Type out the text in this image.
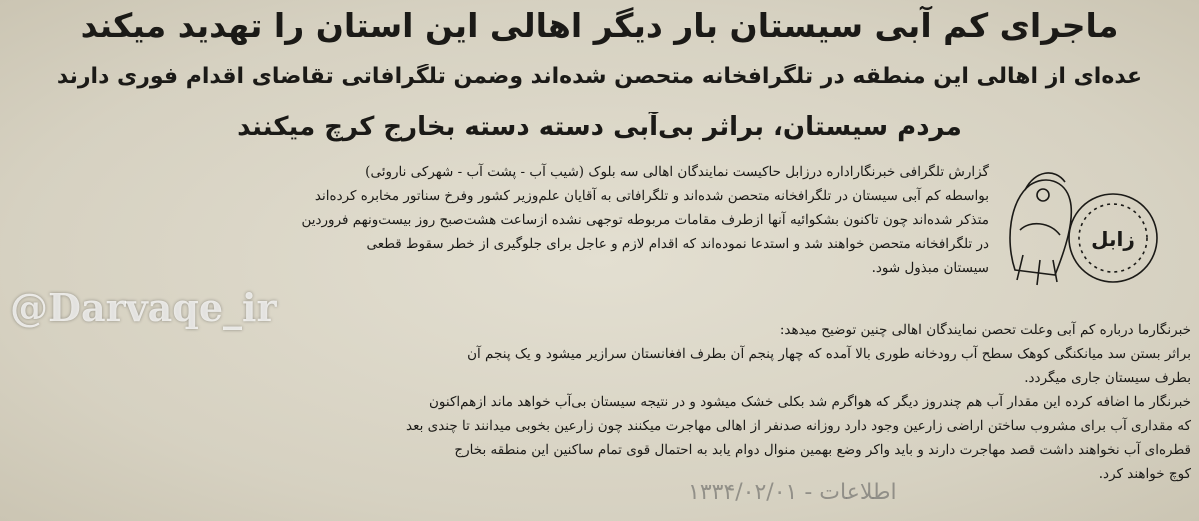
ماجرای کم آبی سیستان بار دیگر اهالی این استان را تهدید میکند
عده‌ای از اهالی این منطقه در تلگرافخانه متحصن شده‌اند وضمن تلگرافاتی تقاضای اقدام فوری دارند
مردم سیستان، براثر بی‌آبی دسته دسته بخارج کرچ میکنند
زابل
گزارش تلگرافی خبرنگاراداره درزابل حاکیست نمایندگان اهالی سه بلوک (شیب آب - پشت آب - شهرکی ناروئی)
بواسطه کم آبی سیستان در تلگرافخانه متحصن شده‌اند و تلگرافاتی به آقایان علم‌وزیر کشور وفرخ سناتور مخابره کرده‌اند
متذکر شده‌اند چون تاکنون بشکوائیه آنها ازطرف مقامات مربوطه توجهی نشده ازساعت هشت‌صبح روز بیست‌ونهم فروردین
در تلگرافخانه متحصن خواهند شد و استدعا نموده‌اند که اقدام لازم و عاجل برای جلوگیری از خطر سقوط قطعی
سیستان مبذول شود.
خبرنگارما درباره کم آبی وعلت تحصن نمایندگان اهالی چنین توضیح میدهد:
براثر بستن سد میانکنگی کوهک سطح آب رودخانه طوری بالا آمده که چهار پنجم آن بطرف افغانستان سرازیر میشود و یک پنجم آن
بطرف سیستان جاری میگردد.
خبرنگار ما اضافه کرده این مقدار آب هم چندروز دیگر که هواگرم شد بکلی خشک میشود و در نتیجه سیستان بی‌آب خواهد ماند ازهم‌اکنون
که مقداری آب برای مشروب ساختن اراضی زارعین وجود دارد روزانه صدنفر از اهالی مهاجرت میکنند چون زارعین بخوبی میدانند تا چندی بعد
قطره‌ای آب نخواهند داشت قصد مهاجرت دارند و باید واکر وضع بهمین منوال دوام یابد به احتمال قوی تمام ساکنین این منطقه بخارج
کوچ خواهند کرد.
@Darvaqe_ir
اطلاعات - ۱۳۳۴/۰۲/۰۱
